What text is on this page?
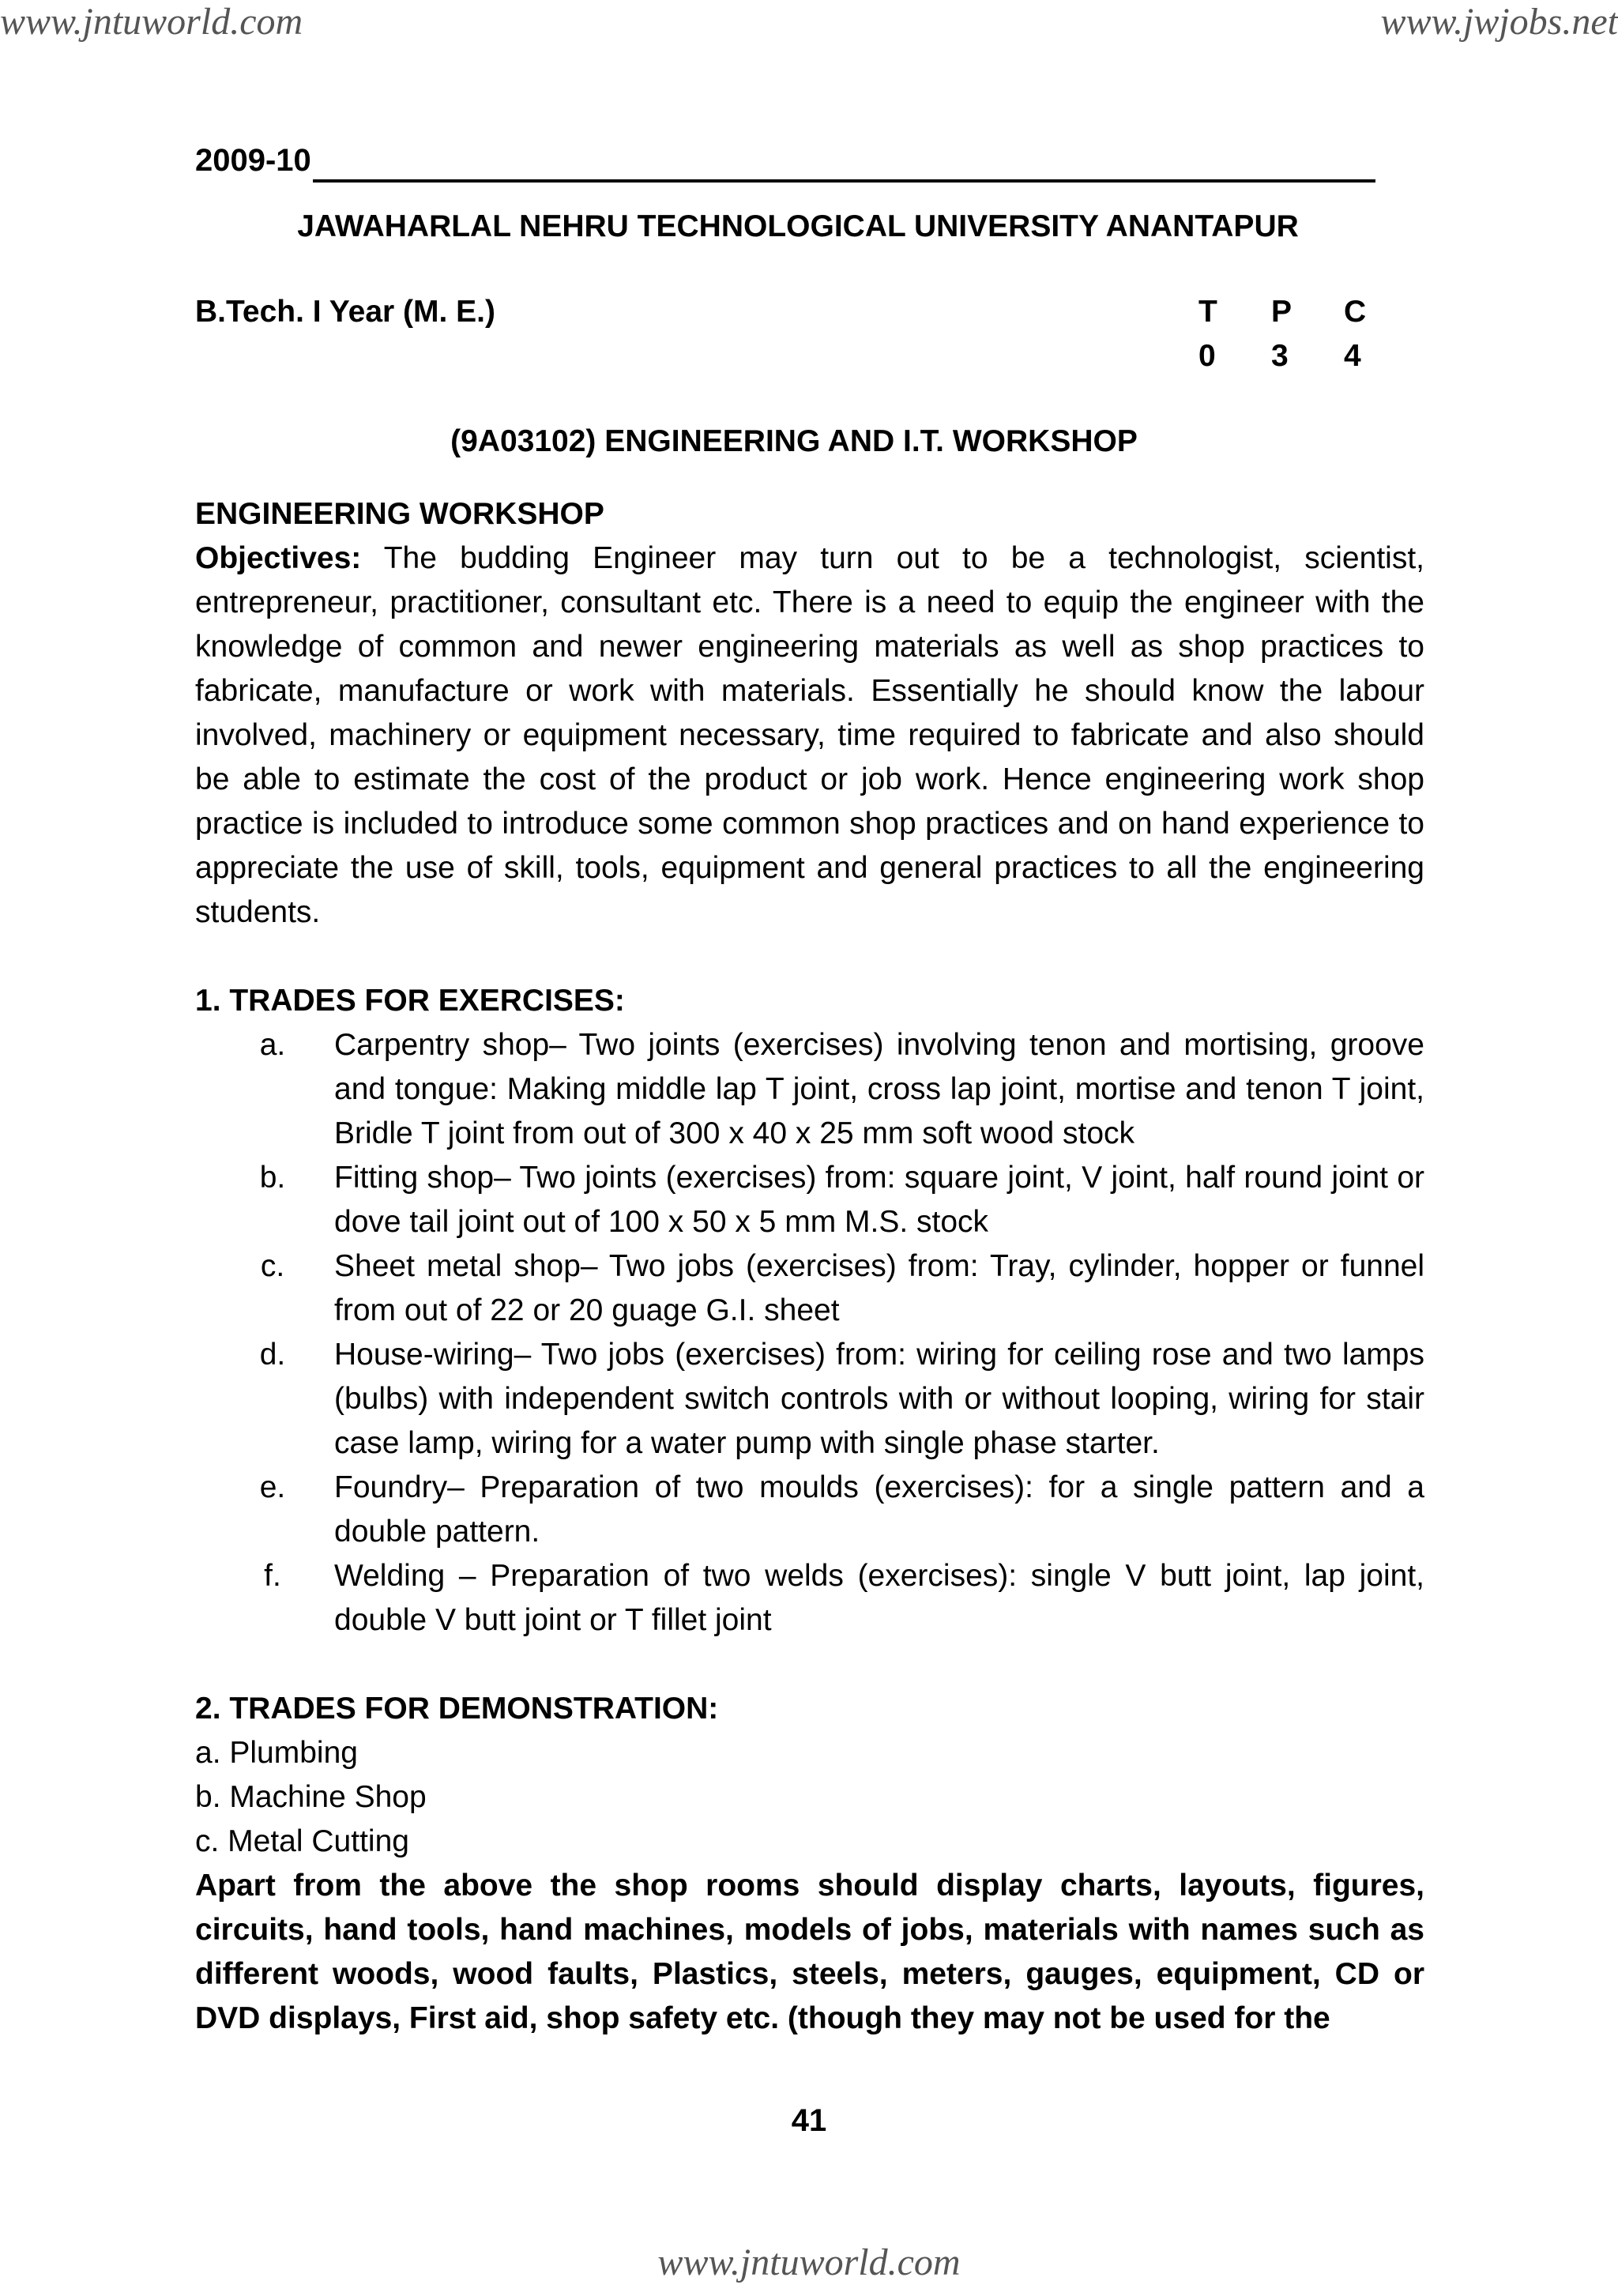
www.jntuworld.com	www.jwjobs.net
2009-10
JAWAHARLAL NEHRU TECHNOLOGICAL UNIVERSITY ANANTAPUR
B.Tech. I Year (M. E.)	T	P	C
0	3	4
(9A03102) ENGINEERING AND I.T. WORKSHOP
ENGINEERING WORKSHOP
Objectives: The budding Engineer may turn out to be a technologist, scientist, entrepreneur, practitioner, consultant etc. There is a need to equip the engineer with the knowledge of common and newer engineering materials as well as shop practices to fabricate, manufacture or work with materials. Essentially he should know the labour involved, machinery or equipment necessary, time required to fabricate and also should be able to estimate the cost of the product or job work. Hence engineering work shop practice is included to introduce some common shop practices and on hand experience to appreciate the use of skill, tools, equipment and general practices to all the engineering students.
1. TRADES FOR EXERCISES:
a.	Carpentry shop– Two joints (exercises) involving tenon and mortising, groove and tongue: Making middle lap T joint, cross lap joint, mortise and tenon T joint, Bridle T joint from out of 300 x 40 x 25 mm soft wood stock
b.	Fitting shop– Two joints (exercises) from: square joint, V joint, half round joint or dove tail joint out of 100 x 50 x 5 mm M.S. stock
c.	Sheet metal shop– Two jobs (exercises) from: Tray, cylinder, hopper or funnel from out of 22 or 20 guage G.I. sheet
d.	House-wiring– Two jobs (exercises) from: wiring for ceiling rose and two lamps (bulbs) with independent switch controls with or without looping, wiring for stair case lamp, wiring for a water pump with single phase starter.
e.	Foundry– Preparation of two moulds (exercises): for a single pattern and a double pattern.
f.	Welding – Preparation of two welds (exercises): single V butt joint, lap joint, double V butt joint or T fillet joint
2. TRADES FOR DEMONSTRATION:
a. Plumbing
b. Machine Shop
c. Metal Cutting
Apart from the above the shop rooms should display charts, layouts, figures, circuits, hand tools, hand machines, models of jobs, materials with names such as different woods, wood faults, Plastics, steels, meters, gauges, equipment, CD or DVD displays, First aid, shop safety etc. (though they may not be used for the
41
www.jntuworld.com
